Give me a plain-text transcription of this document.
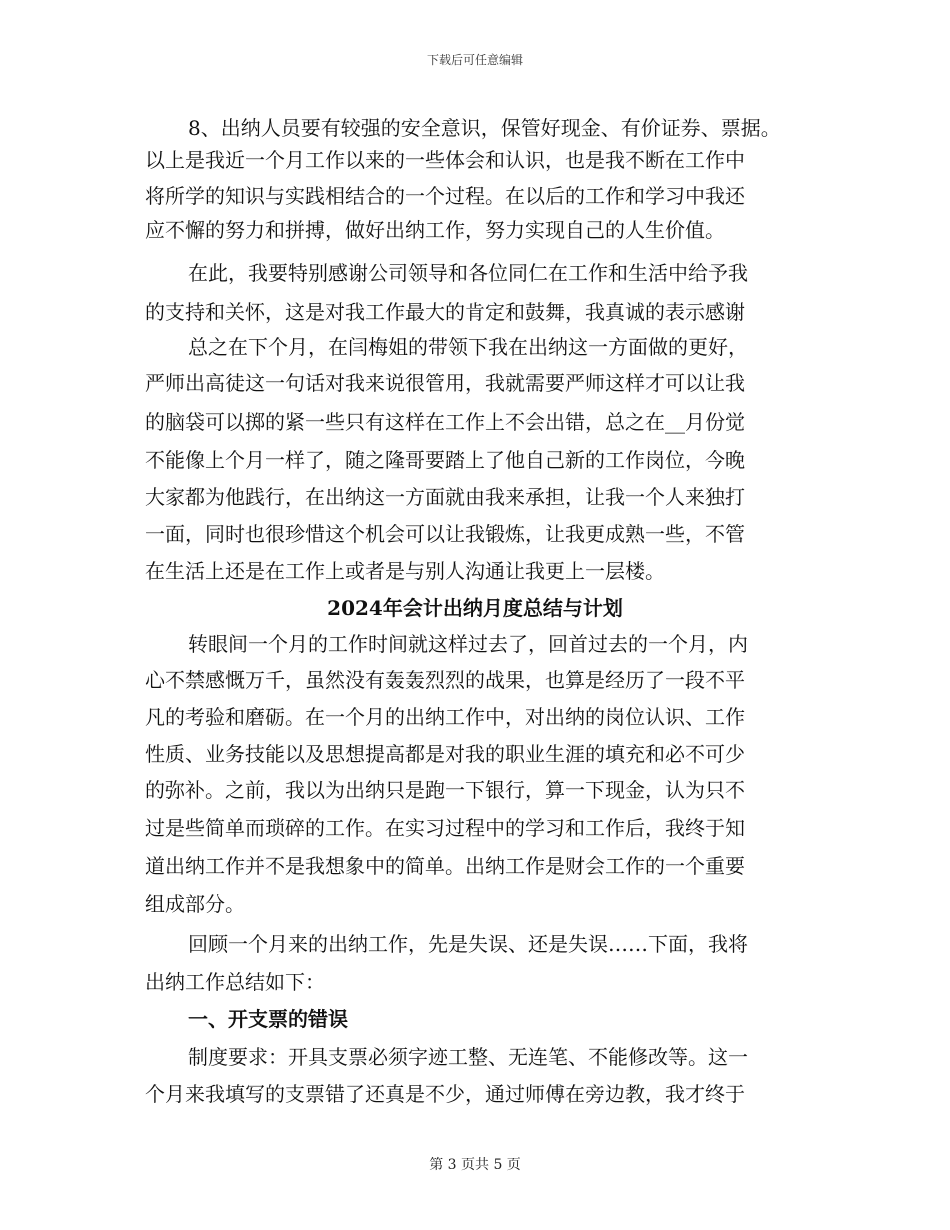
下载后可任意编辑
8、出纳人员要有较强的安全意识，保管好现金、有价证券、票据。
以上是我近一个月工作以来的一些体会和认识，也是我不断在工作中
将所学的知识与实践相结合的一个过程。在以后的工作和学习中我还
应不懈的努力和拼搏，做好出纳工作，努力实现自己的人生价值。
在此，我要特别感谢公司领导和各位同仁在工作和生活中给予我
的支持和关怀，这是对我工作最大的肯定和鼓舞，我真诚的表示感谢
总之在下个月，在闫梅姐的带领下我在出纳这一方面做的更好，
严师出高徒这一句话对我来说很管用，我就需要严师这样才可以让我
的脑袋可以掷的紧一些只有这样在工作上不会出错，总之在__月份觉
不能像上个月一样了，随之隆哥要踏上了他自己新的工作岗位，今晚
大家都为他践行，在出纳这一方面就由我来承担，让我一个人来独打
一面，同时也很珍惜这个机会可以让我锻炼，让我更成熟一些，不管
在生活上还是在工作上或者是与别人沟通让我更上一层楼。
2024年会计出纳月度总结与计划
转眼间一个月的工作时间就这样过去了，回首过去的一个月，内
心不禁感慨万千，虽然没有轰轰烈烈的战果，也算是经历了一段不平
凡的考验和磨砺。在一个月的出纳工作中，对出纳的岗位认识、工作
性质、业务技能以及思想提高都是对我的职业生涯的填充和必不可少
的弥补。之前，我以为出纳只是跑一下银行，算一下现金，认为只不
过是些简单而琐碎的工作。在实习过程中的学习和工作后，我终于知
道出纳工作并不是我想象中的简单。出纳工作是财会工作的一个重要
组成部分。
回顾一个月来的出纳工作，先是失误、还是失误……下面，我将
出纳工作总结如下：
一、开支票的错误
制度要求：开具支票必须字迹工整、无连笔、不能修改等。这一
个月来我填写的支票错了还真是不少，通过师傅在旁边教，我才终于
第 3 页共 5 页
